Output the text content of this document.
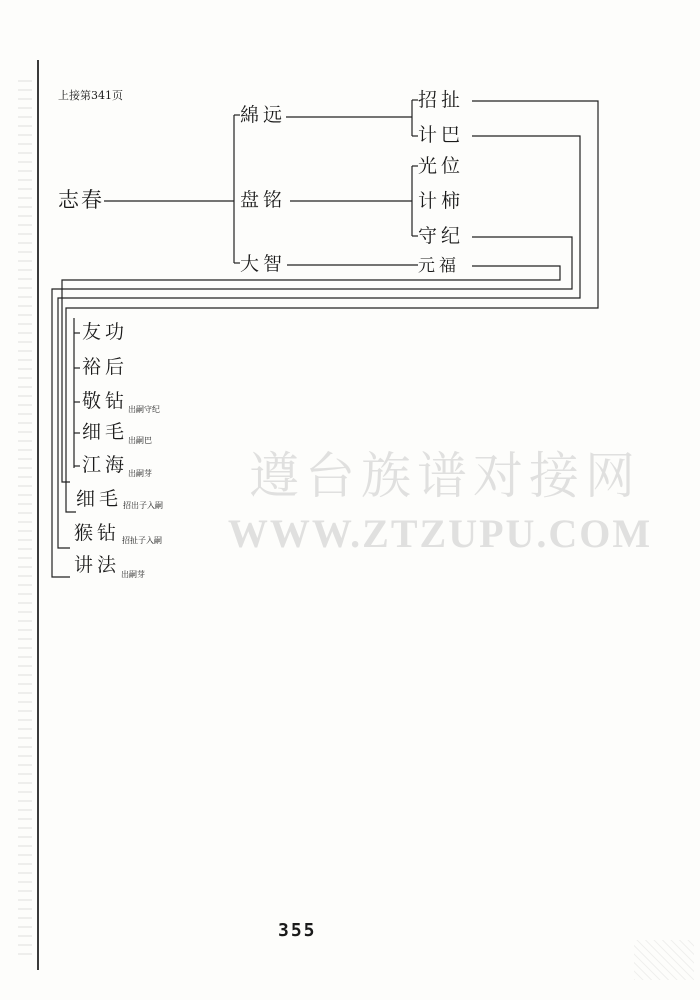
上接第341页
志春
綿远
盘铭
大智
招扯
计巴
光位
计柿
守纪
元福
友功
裕后
敬钻 出嗣守纪
细毛 出嗣巴
江海 出嗣芽
细毛 招出子入嗣
猴钻 招扯子入嗣
讲法 出嗣芽
遵台族谱对接网
WWW.ZTZUPU.COM
355
